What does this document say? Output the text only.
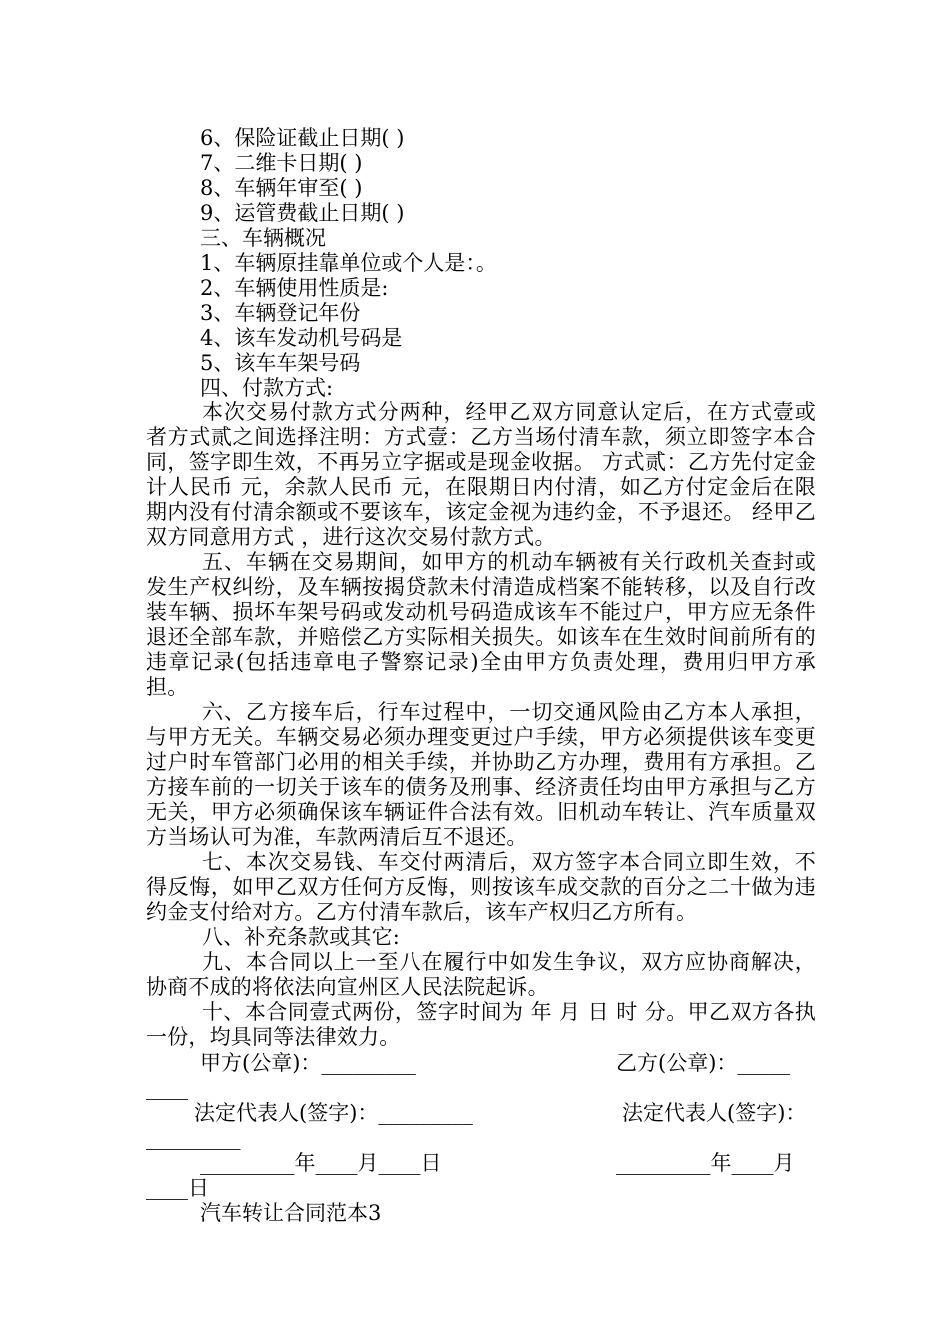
6、保险证截止日期( )
7、二维卡日期( )
8、车辆年审至( )
9、运管费截止日期( )
三、车辆概况
1、车辆原挂靠单位或个人是：。
2、车辆使用性质是:
3、车辆登记年份
4、该车发动机号码是
5、该车车架号码
四、付款方式:
本次交易付款方式分两种，经甲乙双方同意认定后，在方式壹或者方式贰之间选择注明：方式壹：乙方当场付清车款，须立即签字本合同，签字即生效，不再另立字据或是现金收据。 方式贰：乙方先付定金计人民币 元，余款人民币 元，在限期日内付清，如乙方付定金后在限期内没有付清余额或不要该车，该定金视为违约金，不予退还。 经甲乙双方同意用方式 ，进行这次交易付款方式。
五、车辆在交易期间，如甲方的机动车辆被有关行政机关查封或发生产权纠纷，及车辆按揭贷款未付清造成档案不能转移，以及自行改装车辆、损坏车架号码或发动机号码造成该车不能过户，甲方应无条件退还全部车款，并赔偿乙方实际相关损失。如该车在生效时间前所有的违章记录(包括违章电子警察记录)全由甲方负责处理，费用归甲方承担。
六、乙方接车后，行车过程中，一切交通风险由乙方本人承担，与甲方无关。车辆交易必须办理变更过户手续，甲方必须提供该车变更过户时车管部门必用的相关手续，并协助乙方办理，费用有方承担。乙方接车前的一切关于该车的债务及刑事、经济责任均由甲方承担与乙方无关，甲方必须确保该车辆证件合法有效。旧机动车转让、汽车质量双方当场认可为准，车款两清后互不退还。
七、本次交易钱、车交付两清后，双方签字本合同立即生效，不得反悔，如甲乙双方任何方反悔，则按该车成交款的百分之二十做为违约金支付给对方。乙方付清车款后，该车产权归乙方所有。
八、补充条款或其它:
九、本合同以上一至八在履行中如发生争议，双方应协商解决，协商不成的将依法向宣州区人民法院起诉。
十、本合同壹式两份，签字时间为 年 月 日 时 分。甲乙双方各执一份，均具同等法律效力。
甲方(公章)：_________	乙方(公章)：_____
____
法定代表人(签字)：_________	法定代表人(签字)：
_________
_________年____月____日	_________年____月
____日
汽车转让合同范本3
